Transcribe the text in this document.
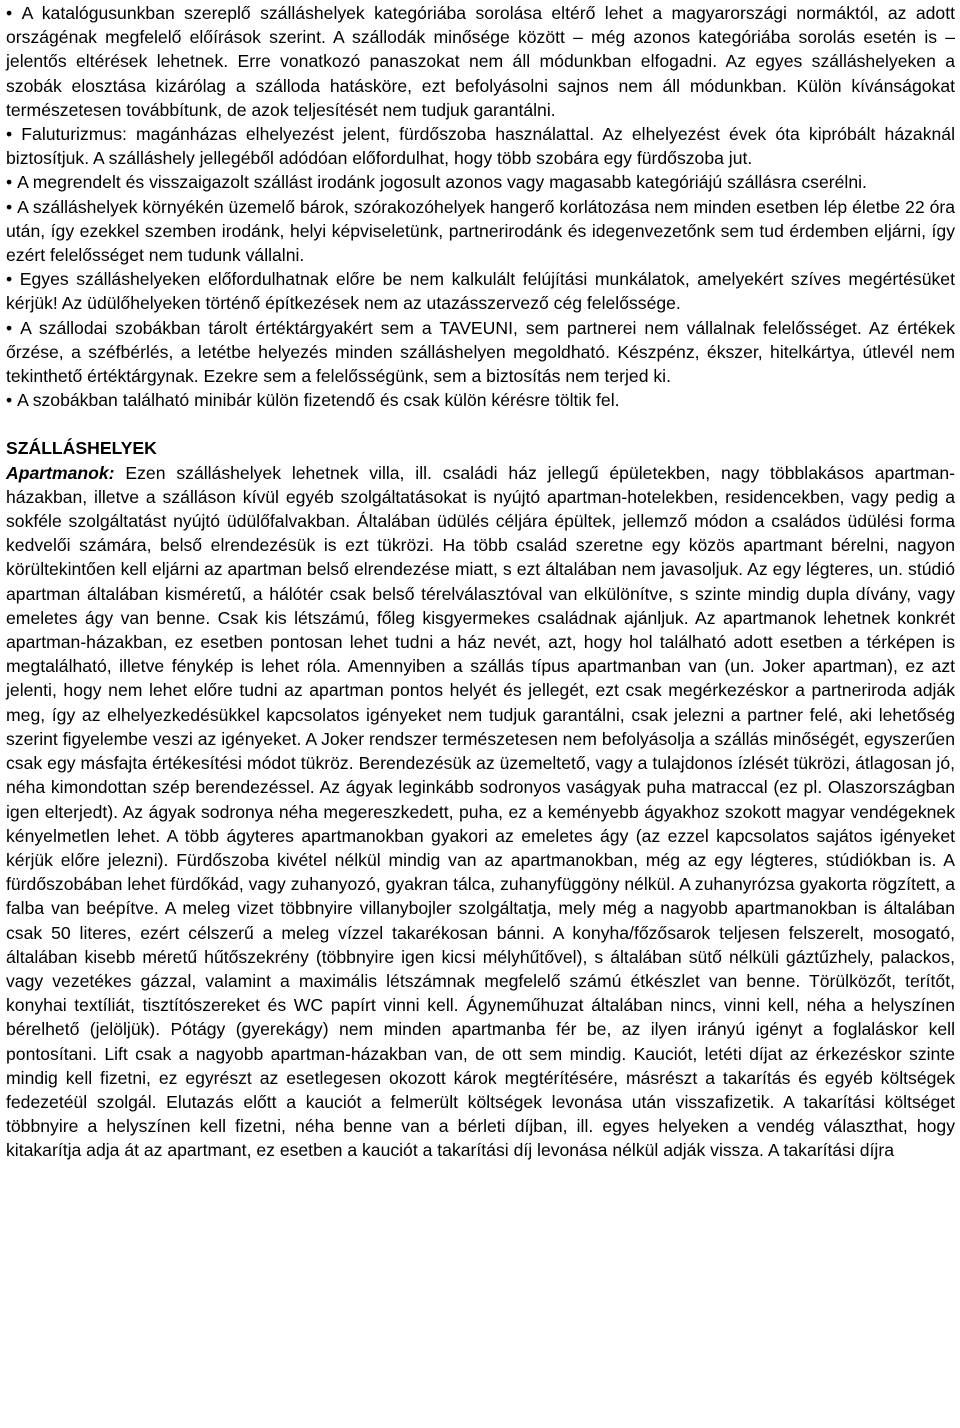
• A katalógusunkban szereplő szálláshelyek kategóriába sorolása eltérő lehet a magyarországi normáktól, az adott országénak megfelelő előírások szerint. A szállodák minősége között – még azonos kategóriába sorolás esetén is – jelentős eltérések lehetnek. Erre vonatkozó panaszokat nem áll módunkban elfogadni. Az egyes szálláshelyeken a szobák elosztása kizárólag a szálloda hatásköre, ezt befolyásolni sajnos nem áll módunkban. Külön kívánságokat természetesen továbbítunk, de azok teljesítését nem tudjuk garantálni.

• Faluturizmus: magánházas elhelyezést jelent, fürdőszoba használattal. Az elhelyezést évek óta kipróbált házaknál biztosítjuk. A szálláshely jellegéből adódóan előfordulhat, hogy több szobára egy fürdőszoba jut.

• A megrendelt és visszaigazolt szállást irodánk jogosult azonos vagy magasabb kategóriájú szállásra cserélni.

• A szálláshelyek környékén üzemelő bárok, szórakozóhelyek hangerő korlátozása nem minden esetben lép életbe 22 óra után, így ezekkel szemben irodánk, helyi képviseletünk, partnerirodánk és idegenvezetőnk sem tud érdemben eljárni, így ezért felelősséget nem tudunk vállalni.

• Egyes szálláshelyeken előfordulhatnak előre be nem kalkulált felújítási munkálatok, amelyekért szíves megértésüket kérjük! Az üdülőhelyeken történő építkezések nem az utazásszervező cég felelőssége.

• A szállodai szobákban tárolt értéktárgyakért sem a TAVEUNI, sem partnerei nem vállalnak felelősséget. Az értékek őrzése, a széfbérlés, a letétbe helyezés minden szálláshelyen megoldható. Készpénz, ékszer, hitelkártya, útlevél nem tekinthető értéktárgynak. Ezekre sem a felelősségünk, sem a biztosítás nem terjed ki.

• A szobákban található minibár külön fizetendő és csak külön kérésre töltik fel.

SZÁLLÁSHELYEK

Apartmanok: Ezen szálláshelyek lehetnek villa, ill. családi ház jellegű épületekben, nagy többlakásos apartman-házakban, illetve a szálláson kívül egyéb szolgáltatásokat is nyújtó apartman-hotelekben, residencekben, vagy pedig a sokféle szolgáltatást nyújtó üdülőfalvakban. Általában üdülés céljára épültek, jellemző módon a családos üdülési forma kedvelői számára, belső elrendezésük is ezt tükrözi. Ha több család szeretne egy közös apartmant bérelni, nagyon körültekintően kell eljárni az apartman belső elrendezése miatt, s ezt általában nem javasoljuk. Az egy légteres, un. stúdió apartman általában kisméretű, a hálótér csak belső térelválasztóval van elkülönítve, s szinte mindig dupla dívány, vagy emeletes ágy van benne. Csak kis létszámú, főleg kisgyermekes családnak ajánljuk. Az apartmanok lehetnek konkrét apartman-házakban, ez esetben pontosan lehet tudni a ház nevét, azt, hogy hol található adott esetben a térképen is megtalálható, illetve fénykép is lehet róla. Amennyiben a szállás típus apartmanban van (un. Joker apartman), ez azt jelenti, hogy nem lehet előre tudni az apartman pontos helyét és jellegét, ezt csak megérkezéskor a partneriroda adják meg, így az elhelyezkedésükkel kapcsolatos igényeket nem tudjuk garantálni, csak jelezni a partner felé, aki lehetőség szerint figyelembe veszi az igényeket. A Joker rendszer természetesen nem befolyásolja a szállás minőségét, egyszerűen csak egy másfajta értékesítési módot tükröz. Berendezésük az üzemeltető, vagy a tulajdonos ízlését tükrözi, átlagosan jó, néha kimondottan szép berendezéssel. Az ágyak leginkább sodronyos vaságyak puha matraccal (ez pl. Olaszországban igen elterjedt). Az ágyak sodronya néha megereszkedett, puha, ez a keményebb ágyakhoz szokott magyar vendégeknek kényelmetlen lehet. A több ágyteres apartmanokban gyakori az emeletes ágy (az ezzel kapcsolatos sajátos igényeket kérjük előre jelezni). Fürdőszoba kivétel nélkül mindig van az apartmanokban, még az egy légteres, stúdiókban is. A fürdőszobában lehet fürdőkád, vagy zuhanyozó, gyakran tálca, zuhanyfüggöny nélkül. A zuhanyrózsa gyakorta rögzített, a falba van beépítve. A meleg vizet többnyire villanybojler szolgáltatja, mely még a nagyobb apartmanokban is általában csak 50 literes, ezért célszerű a meleg vízzel takarékosan bánni. A konyha/főzősarok teljesen felszerelt, mosogató, általában kisebb méretű hűtőszekrény (többnyire igen kicsi mélyhűtővel), s általában sütő nélküli gáztűzhely, palackos, vagy vezetékes gázzal, valamint a maximális létszámnak megfelelő számú étkészlet van benne. Törülközőt, terítőt, konyhai textíliát, tisztítószereket és WC papírt vinni kell. Ágyneműhuzat általában nincs, vinni kell, néha a helyszínen bérelhető (jelöljük). Pótágy (gyerekágy) nem minden apartmanba fér be, az ilyen irányú igényt a foglaláskor kell pontosítani. Lift csak a nagyobb apartman-házakban van, de ott sem mindig. Kauciót, letéti díjat az érkezéskor szinte mindig kell fizetni, ez egyrészt az esetlegesen okozott károk megtérítésére, másrészt a takarítás és egyéb költségek fedezetéül szolgál. Elutazás előtt a kauciót a felmerült költségek levonása után visszafizetik. A takarítási költséget többnyire a helyszínen kell fizetni, néha benne van a bérleti díjban, ill. egyes helyeken a vendég választhat, hogy kitakarítja adja át az apartmant, ez esetben a kauciót a takarítási díj levonása nélkül adják vissza. A takarítási díjra
